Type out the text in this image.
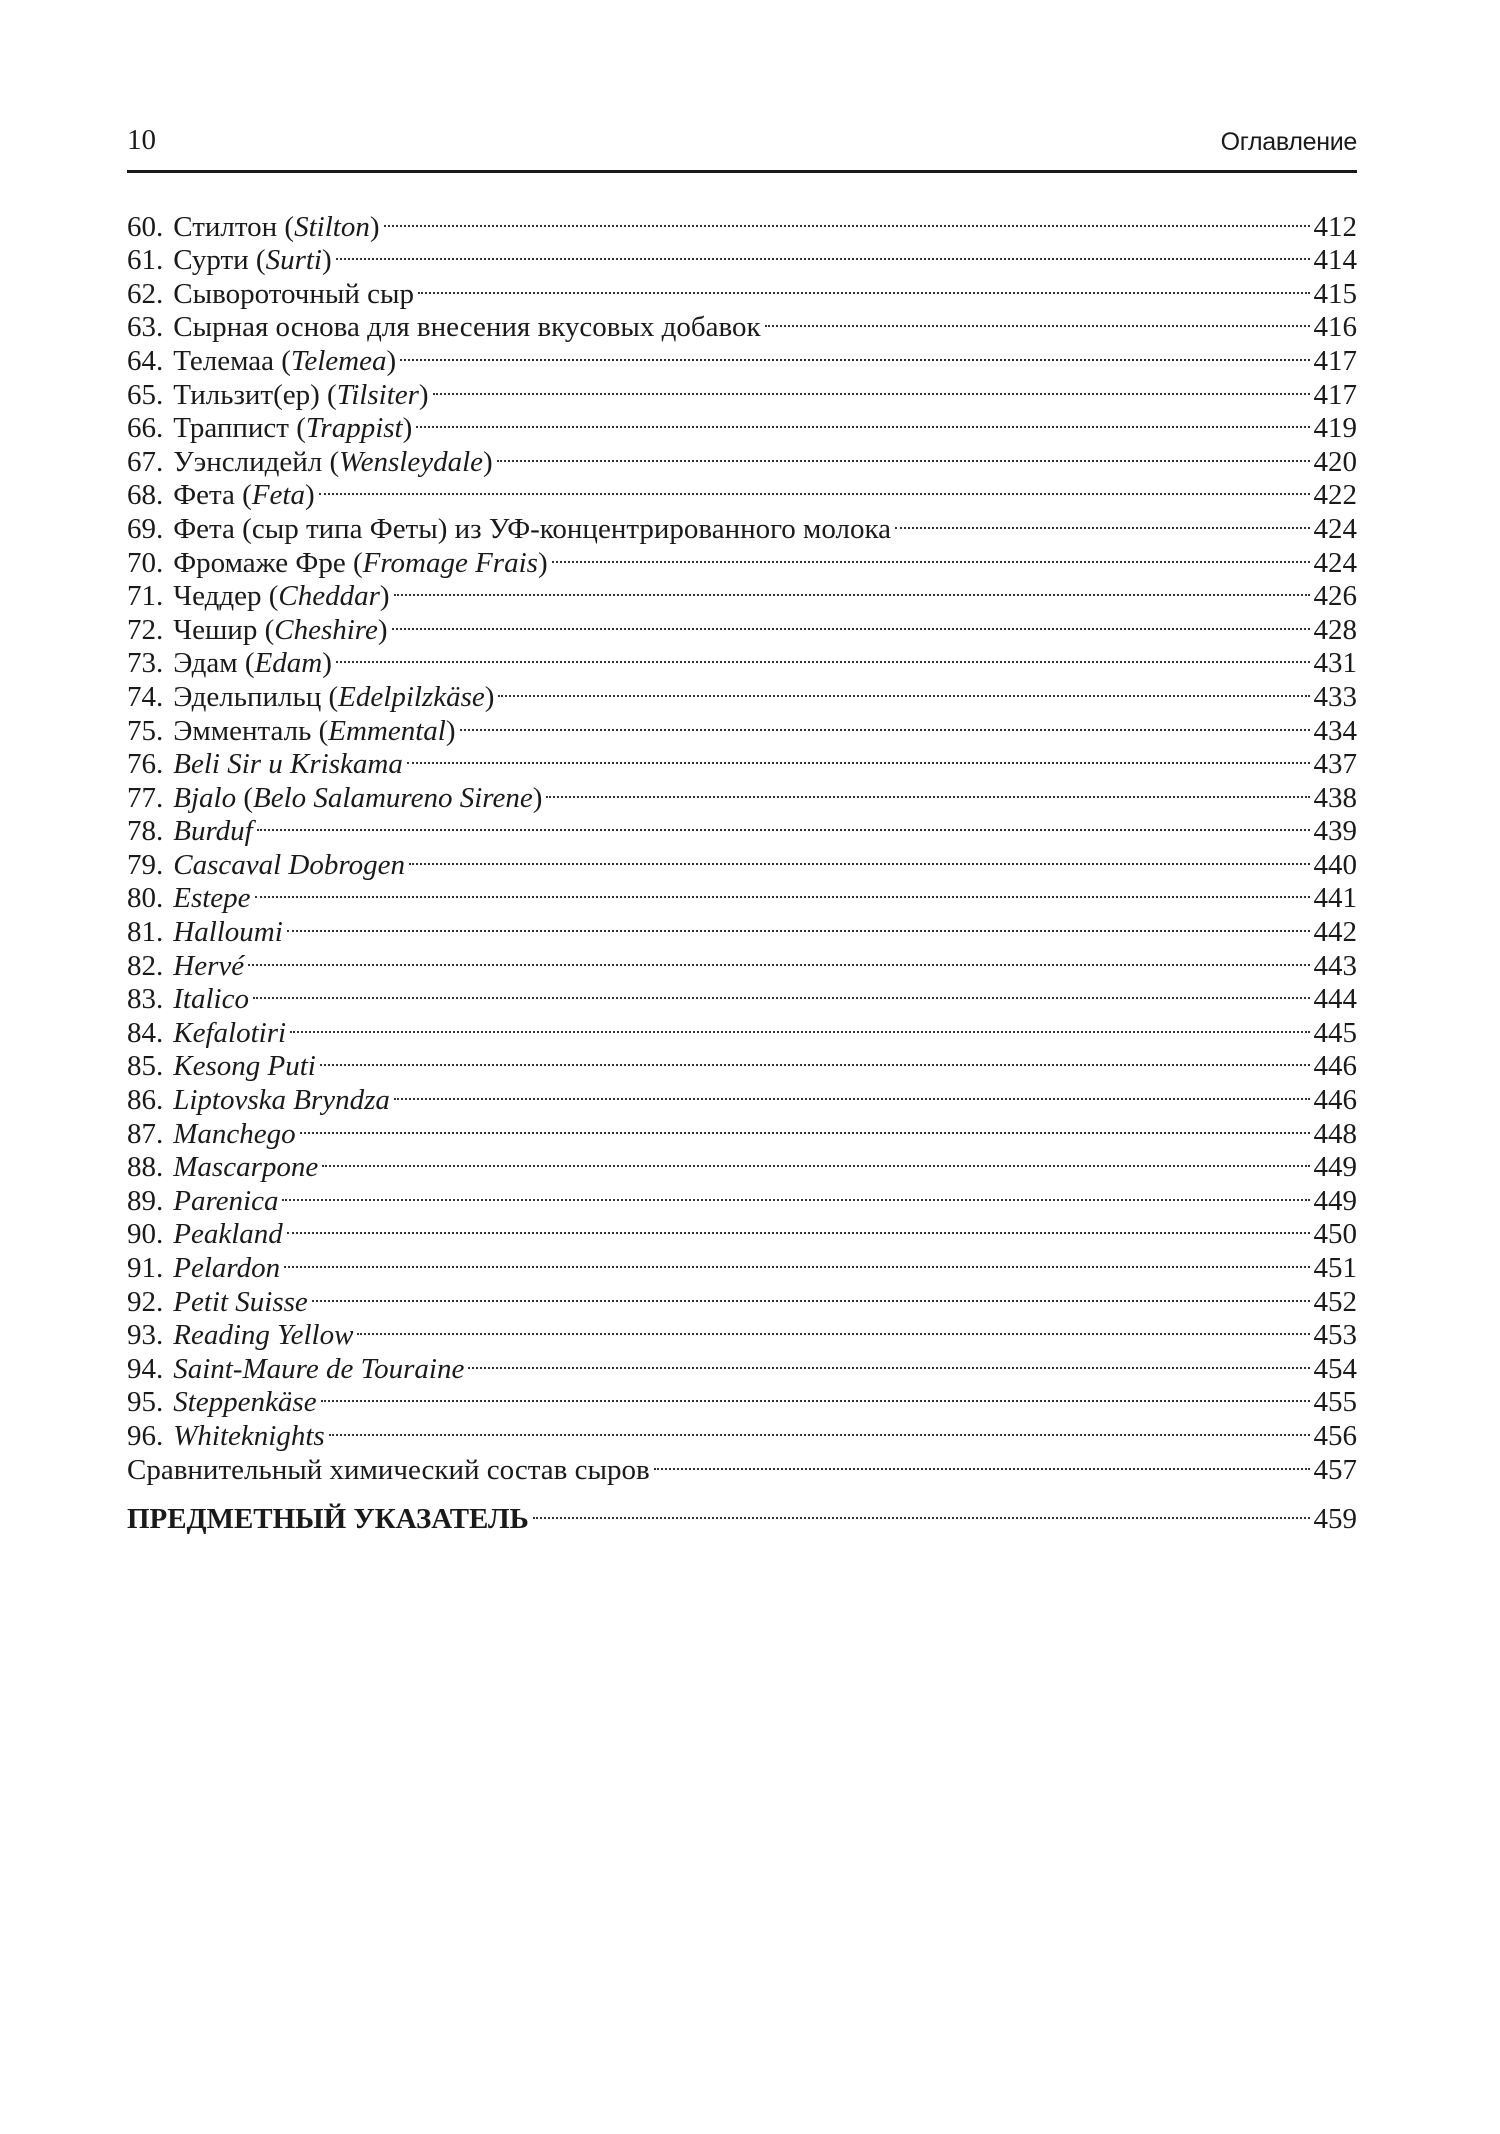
10	Оглавление
60. Стилтон (Stilton)	412
61. Сурти (Surti)	414
62. Сывороточный сыр	415
63. Сырная основа для внесения вкусовых добавок	416
64. Телемаа (Telemea)	417
65. Тильзит(ер) (Tilsiter)	417
66. Траппист (Trappist)	419
67. Уэнслидейл (Wensleydale)	420
68. Фета (Feta)	422
69. Фета (сыр типа Феты) из УФ-концентрированного молока	424
70. Фромаже Фре (Fromage Frais)	424
71. Чеддер (Cheddar)	426
72. Чешир (Cheshire)	428
73. Эдам (Edam)	431
74. Эдельпильц (Edelpilzkäse)	433
75. Эмменталь (Emmental)	434
76. Beli Sir u Kriskama	437
77. Bjalo (Belo Salamureno Sirene)	438
78. Burduf	439
79. Cascaval Dobrogen	440
80. Estepe	441
81. Halloumi	442
82. Hervé	443
83. Italico	444
84. Kefalotiri	445
85. Kesong Puti	446
86. Liptovska Bryndza	446
87. Manchego	448
88. Mascarpone	449
89. Parenica	449
90. Peakland	450
91. Pelardon	451
92. Petit Suisse	452
93. Reading Yellow	453
94. Saint-Maure de Touraine	454
95. Steppenkäse	455
96. Whiteknights	456
Сравнительный химический состав сыров	457
ПРЕДМЕТНЫЙ УКАЗАТЕЛЬ	459
